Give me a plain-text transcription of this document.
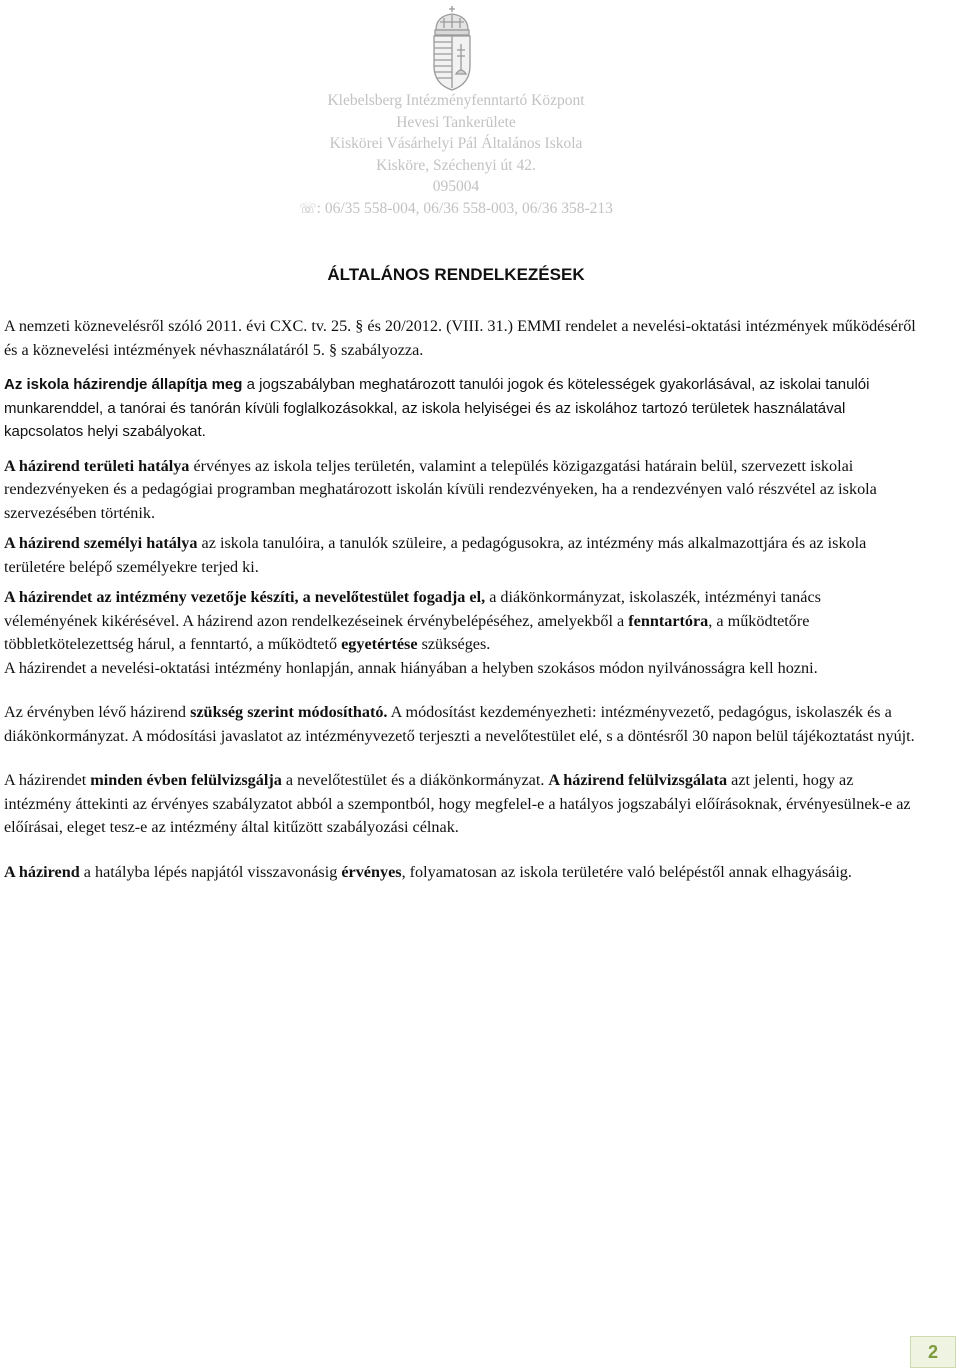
Klebelsberg Intézményfenntartó Központ
Hevesi Tankerülete
Kiskörei Vásárhelyi Pál Általános Iskola
Kisköre, Széchenyi út 42.
095004
☏: 06/35 558-004, 06/36 558-003, 06/36 358-213
ÁLTALÁNOS RENDELKEZÉSEK

A nemzeti köznevelésről szóló 2011. évi CXC. tv. 25. § és 20/2012. (VIII. 31.) EMMI rendelet a nevelési-oktatási intézmények működéséről és a köznevelési intézmények névhasználatáról 5. § szabályozza.

Az iskola házirendje állapítja meg a jogszabályban meghatározott tanulói jogok és kötelességek gyakorlásával, az iskolai tanulói munkarenddel, a tanórai és tanórán kívüli foglalkozásokkal, az iskola helyiségei és az iskolához tartozó területek használatával kapcsolatos helyi szabályokat.

A házirend területi hatálya érvényes az iskola teljes területén, valamint a település közigazgatási határain belül, szervezett iskolai rendezvényeken és a pedagógiai programban meghatározott iskolán kívüli rendezvényeken, ha a rendezvényen való részvétel az iskola szervezésében történik.

A házirend személyi hatálya az iskola tanulóira, a tanulók szüleire, a pedagógusokra, az intézmény más alkalmazottjára és az iskola területére belépő személyekre terjed ki.

A házirendet az intézmény vezetője készíti, a nevelőtestület fogadja el, a diákönkormányzat, iskolaszék, intézményi tanács véleményének kikérésével. A házirend azon rendelkezéseinek érvénybelépéséhez, amelyekből a fenntartóra, a működtetőre többletkötelezettség hárul, a fenntartó, a működtető egyetértése szükséges.

A házirendet a nevelési-oktatási intézmény honlapján, annak hiányában a helyben szokásos módon nyilvánosságra kell hozni.

Az érvényben lévő házirend szükség szerint módosítható. A módosítást kezdeményezheti: intézményvezető, pedagógus, iskolaszék és a diákönkormányzat. A módosítási javaslatot az intézményvezető terjeszti a nevelőtestület elé, s a döntésről 30 napon belül tájékoztatást nyújt.

A házirendet minden évben felülvizsgálja a nevelőtestület és a diákönkormányzat. A házirend felülvizsgálata azt jelenti, hogy az intézmény áttekinti az érvényes szabályzatot abból a szempontból, hogy megfelel-e a hatályos jogszabályi előírásoknak, érvényesülnek-e az előírásai, eleget tesz-e az intézmény által kitűzött szabályozási célnak.

A házirend a hatályba lépés napjától visszavonásig érvényes, folyamatosan az iskola területére való belépéstől annak elhagyásáig.

2
